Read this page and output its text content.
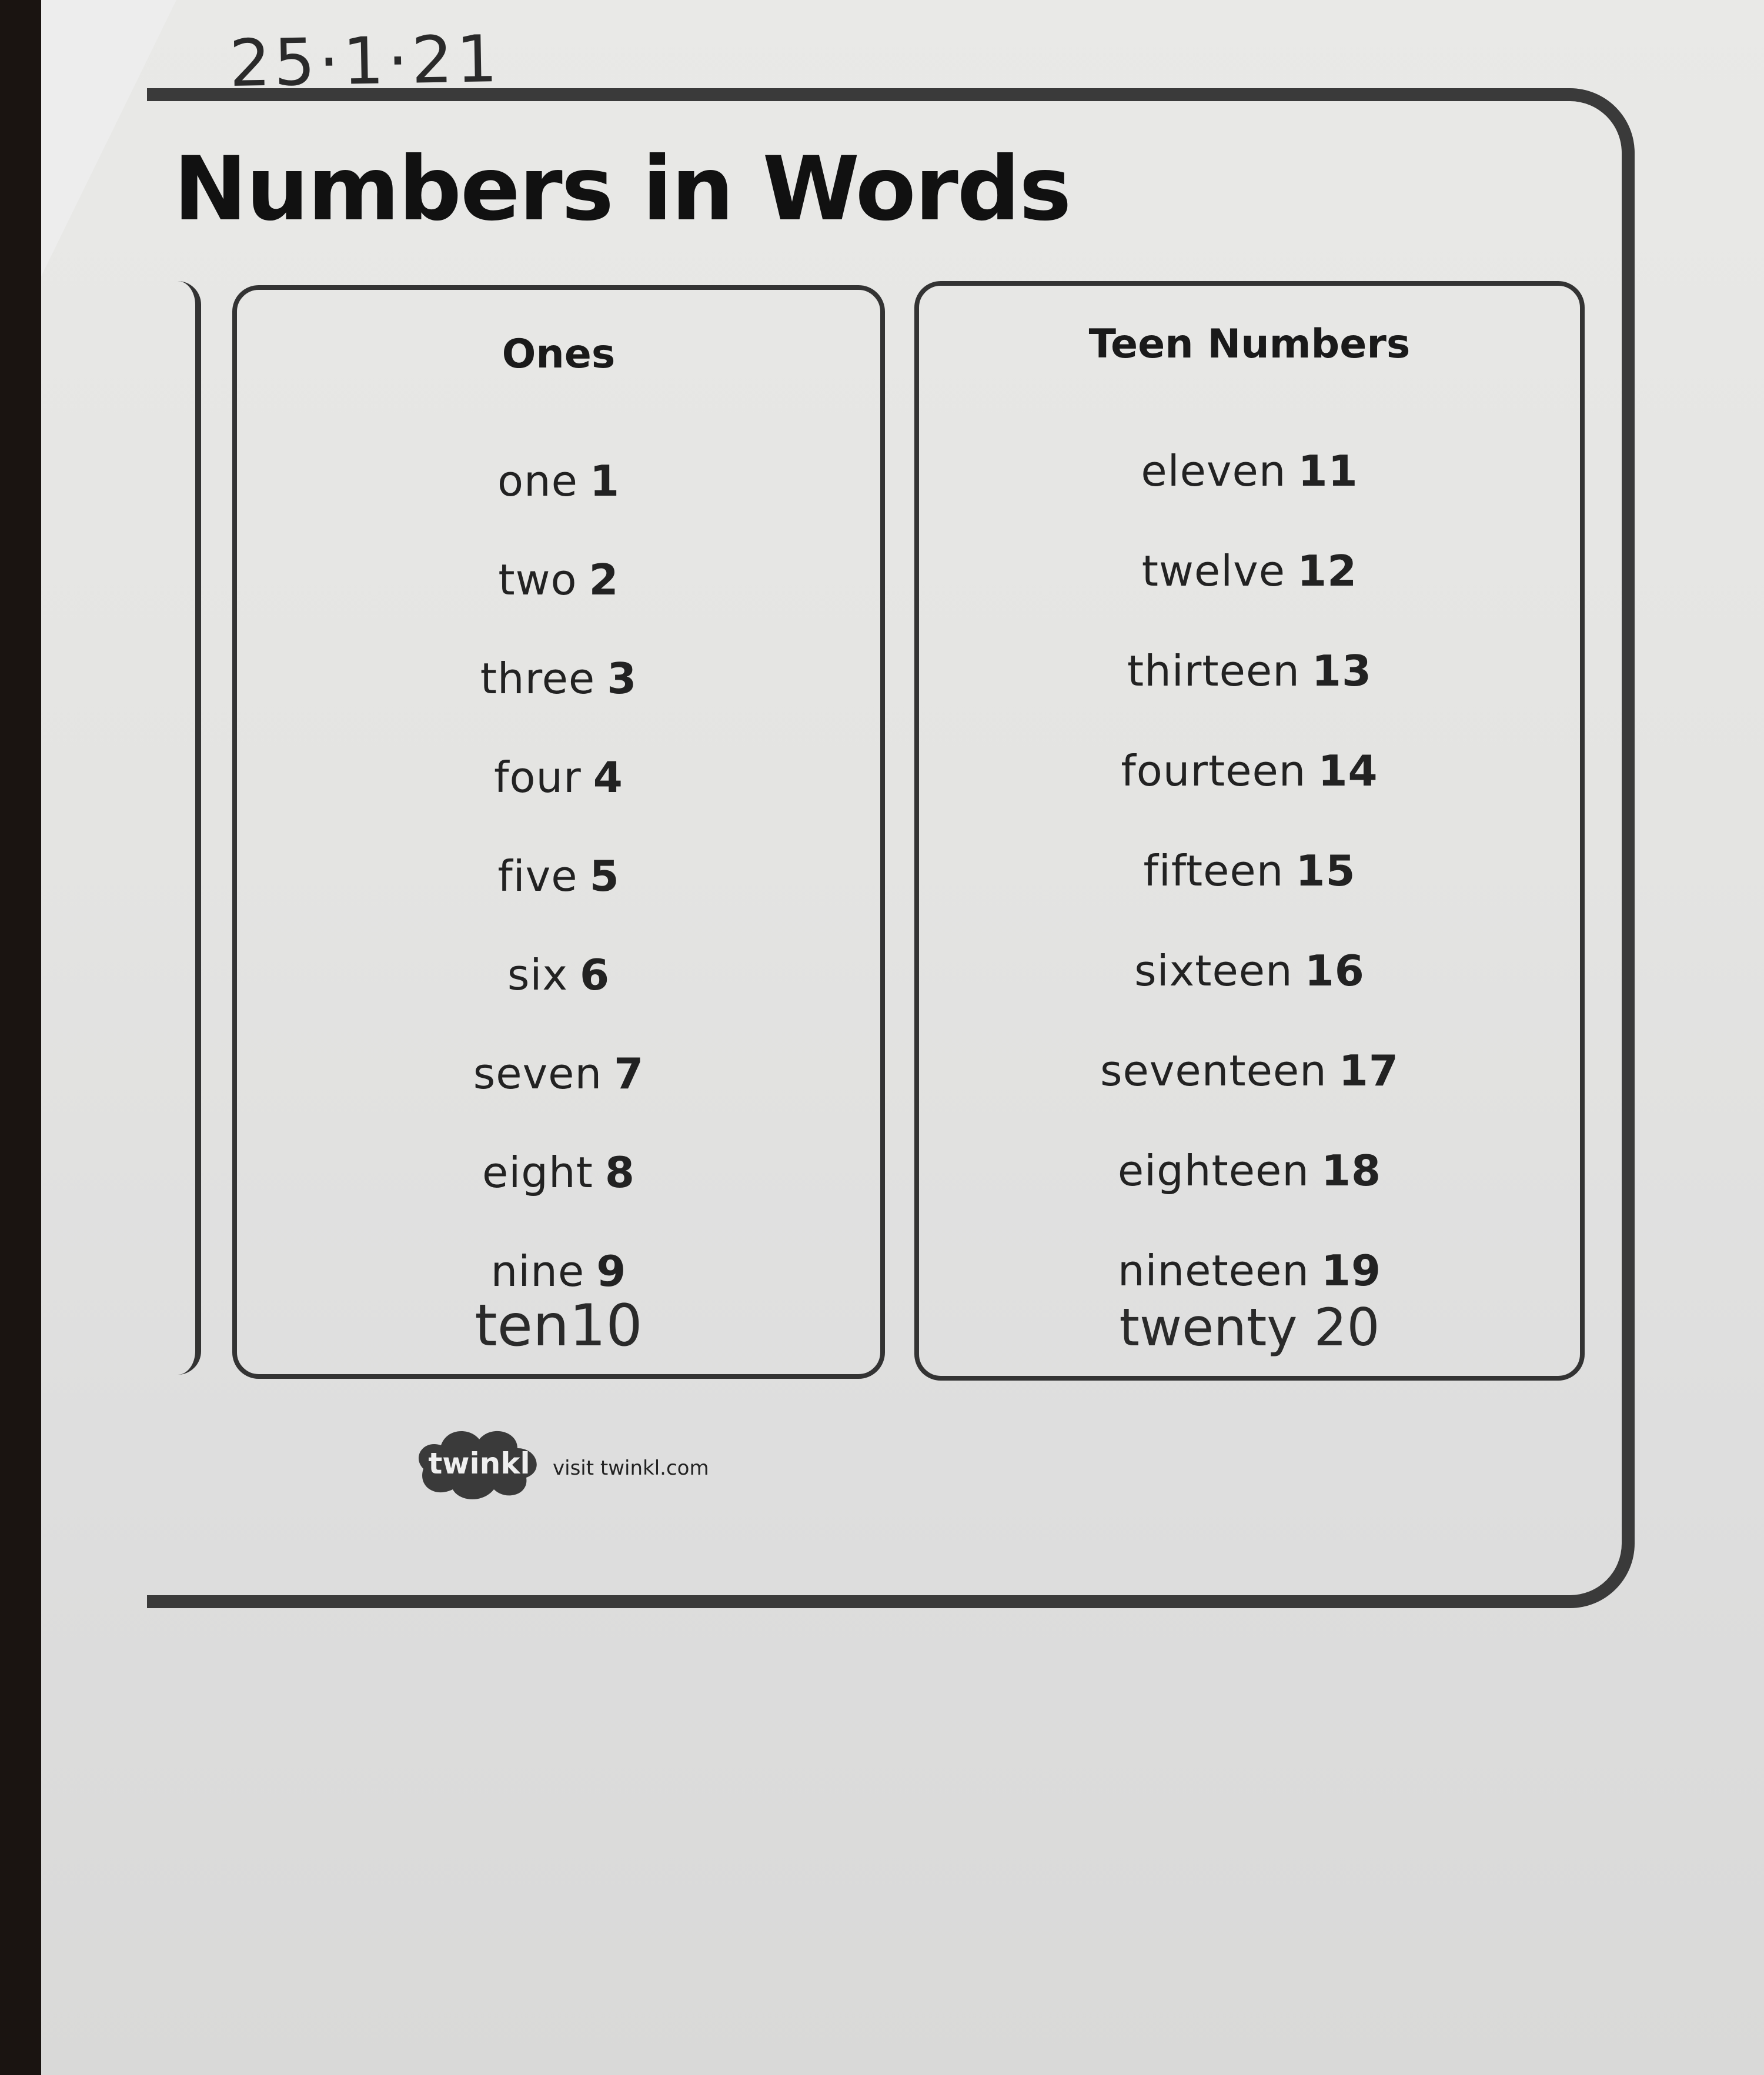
25·1·21
Numbers in Words
Ones
one 1
two 2
three 3
four 4
five 5
six 6
seven 7
eight 8
nine 9
ten10
Teen Numbers
eleven 11
twelve 12
thirteen 13
fourteen 14
fifteen 15
sixteen 16
seventeen 17
eighteen 18
nineteen 19
twenty 20
twinkl visit twinkl.com
